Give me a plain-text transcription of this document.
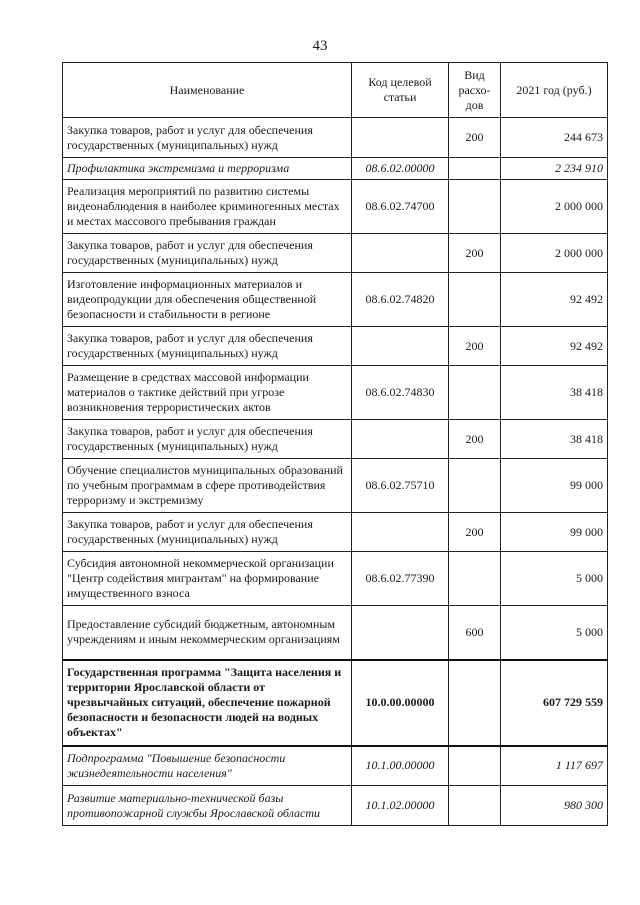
43
Наименование	Код целевой статьи	Вид расхо-дов	2021 год (руб.)
Закупка товаров, работ и услуг для обеспечения государственных (муниципальных) нужд		200	244 673
Профилактика экстремизма и терроризма	08.6.02.00000		2 234 910
Реализация мероприятий по развитию системы видеонаблюдения в наиболее криминогенных местах и местах массового пребывания граждан	08.6.02.74700		2 000 000
Закупка товаров, работ и услуг для обеспечения государственных (муниципальных) нужд		200	2 000 000
Изготовление информационных материалов и видеопродукции для обеспечения общественной безопасности и стабильности в регионе	08.6.02.74820		92 492
Закупка товаров, работ и услуг для обеспечения государственных (муниципальных) нужд		200	92 492
Размещение в средствах массовой информации материалов о тактике действий при угрозе возникновения террористических актов	08.6.02.74830		38 418
Закупка товаров, работ и услуг для обеспечения государственных (муниципальных) нужд		200	38 418
Обучение специалистов муниципальных образований по учебным программам в сфере противодействия терроризму и экстремизму	08.6.02.75710		99 000
Закупка товаров, работ и услуг для обеспечения государственных (муниципальных) нужд		200	99 000
Субсидия автономной некоммерческой организации "Центр содействия мигрантам" на формирование имущественного взноса	08.6.02.77390		5 000
Предоставление субсидий бюджетным, автономным учреждениям и иным некоммерческим организациям		600	5 000
Государственная программа "Защита населения и территории Ярославской области от чрезвычайных ситуаций, обеспечение пожарной безопасности и безопасности людей на водных объектах"	10.0.00.00000		607 729 559
Подпрограмма "Повышение безопасности жизнедеятельности населения"	10.1.00.00000		1 117 697
Развитие материально-технической базы противопожарной службы Ярославской области	10.1.02.00000		980 300
